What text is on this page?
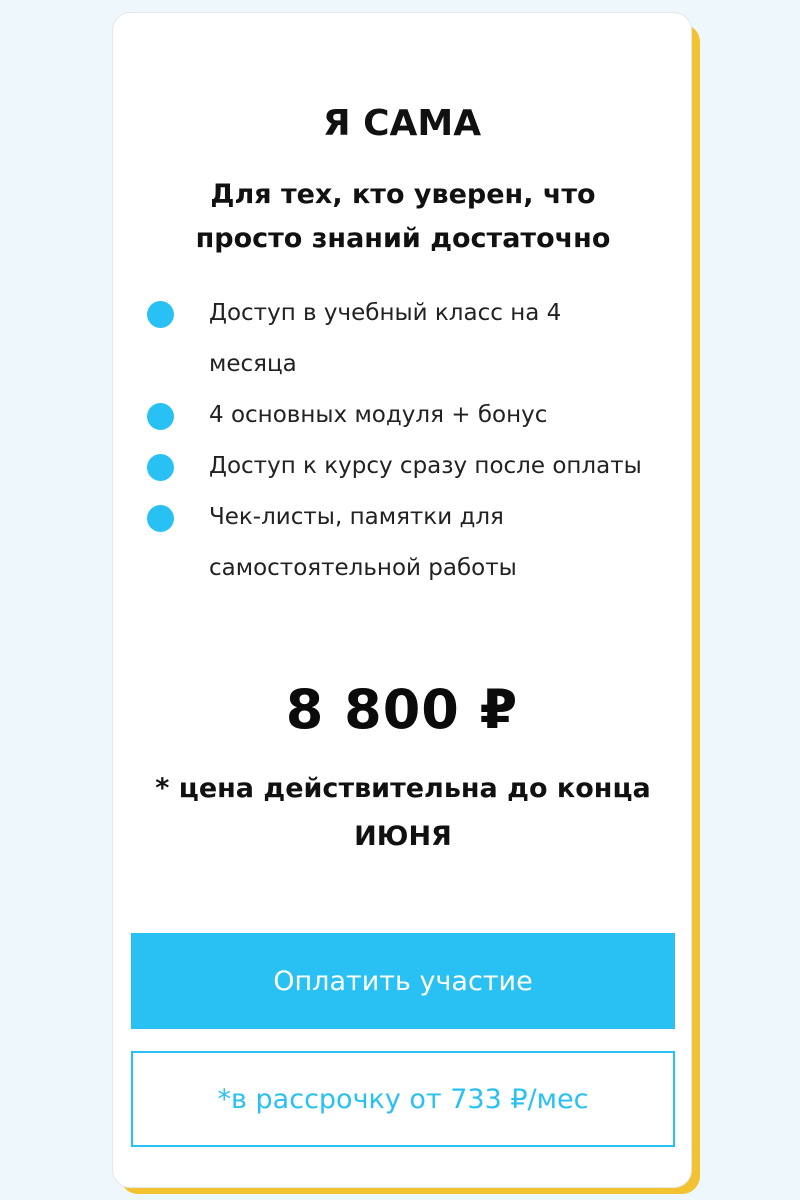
Я САМА

Для тех, кто уверен, что просто знаний достаточно

Доступ в учебный класс на 4 месяца
4 основных модуля + бонус
Доступ к курсу сразу после оплаты
Чек-листы, памятки для самостоятельной работы
8 800 ₽

* цена действительна до конца ИЮНЯ

Оплатить участие
*в рассрочку от 733 ₽/мес
